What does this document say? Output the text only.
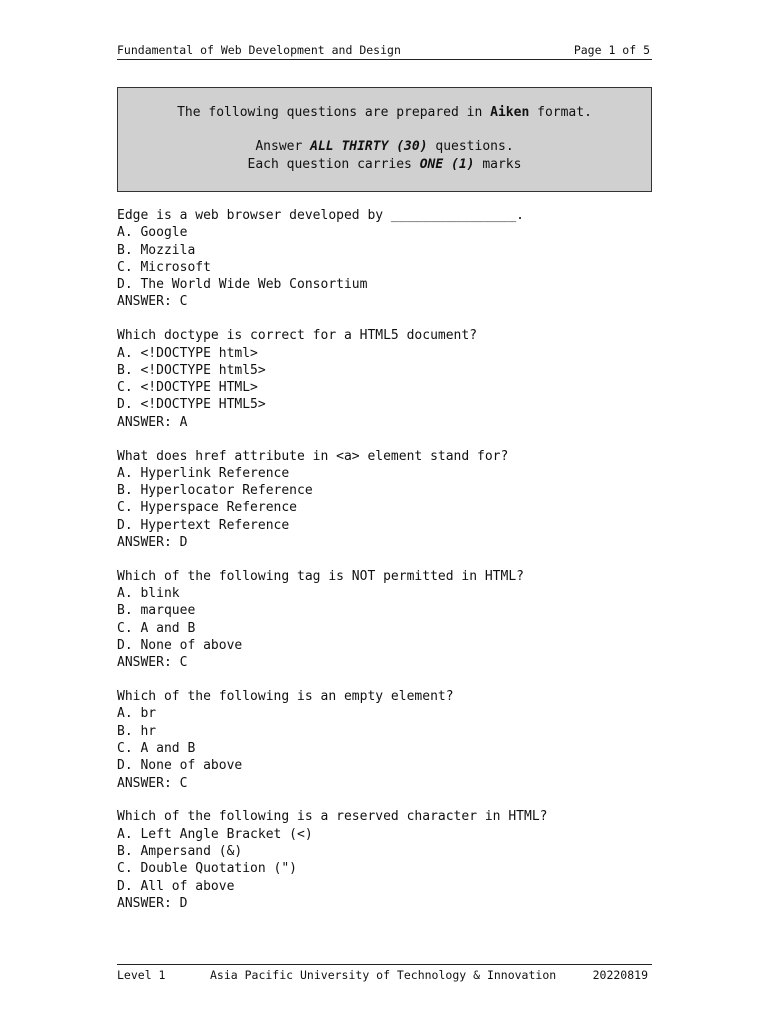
Fundamental of Web Development and Design	Page 1 of 5
The following questions are prepared in Aiken format.
Answer ALL THIRTY (30) questions.
Each question carries ONE (1) marks
Edge is a web browser developed by ________________.
A. Google
B. Mozzila
C. Microsoft
D. The World Wide Web Consortium
ANSWER: C
Which doctype is correct for a HTML5 document?
A. <!DOCTYPE html>
B. <!DOCTYPE html5>
C. <!DOCTYPE HTML>
D. <!DOCTYPE HTML5>
ANSWER: A
What does href attribute in <a> element stand for?
A. Hyperlink Reference
B. Hyperlocator Reference
C. Hyperspace Reference
D. Hypertext Reference
ANSWER: D
Which of the following tag is NOT permitted in HTML?
A. blink
B. marquee
C. A and B
D. None of above
ANSWER: C
Which of the following is an empty element?
A. br
B. hr
C. A and B
D. None of above
ANSWER: C
Which of the following is a reserved character in HTML?
A. Left Angle Bracket (<)
B. Ampersand (&)
C. Double Quotation (")
D. All of above
ANSWER: D
Level 1	Asia Pacific University of Technology & Innovation	20220819
